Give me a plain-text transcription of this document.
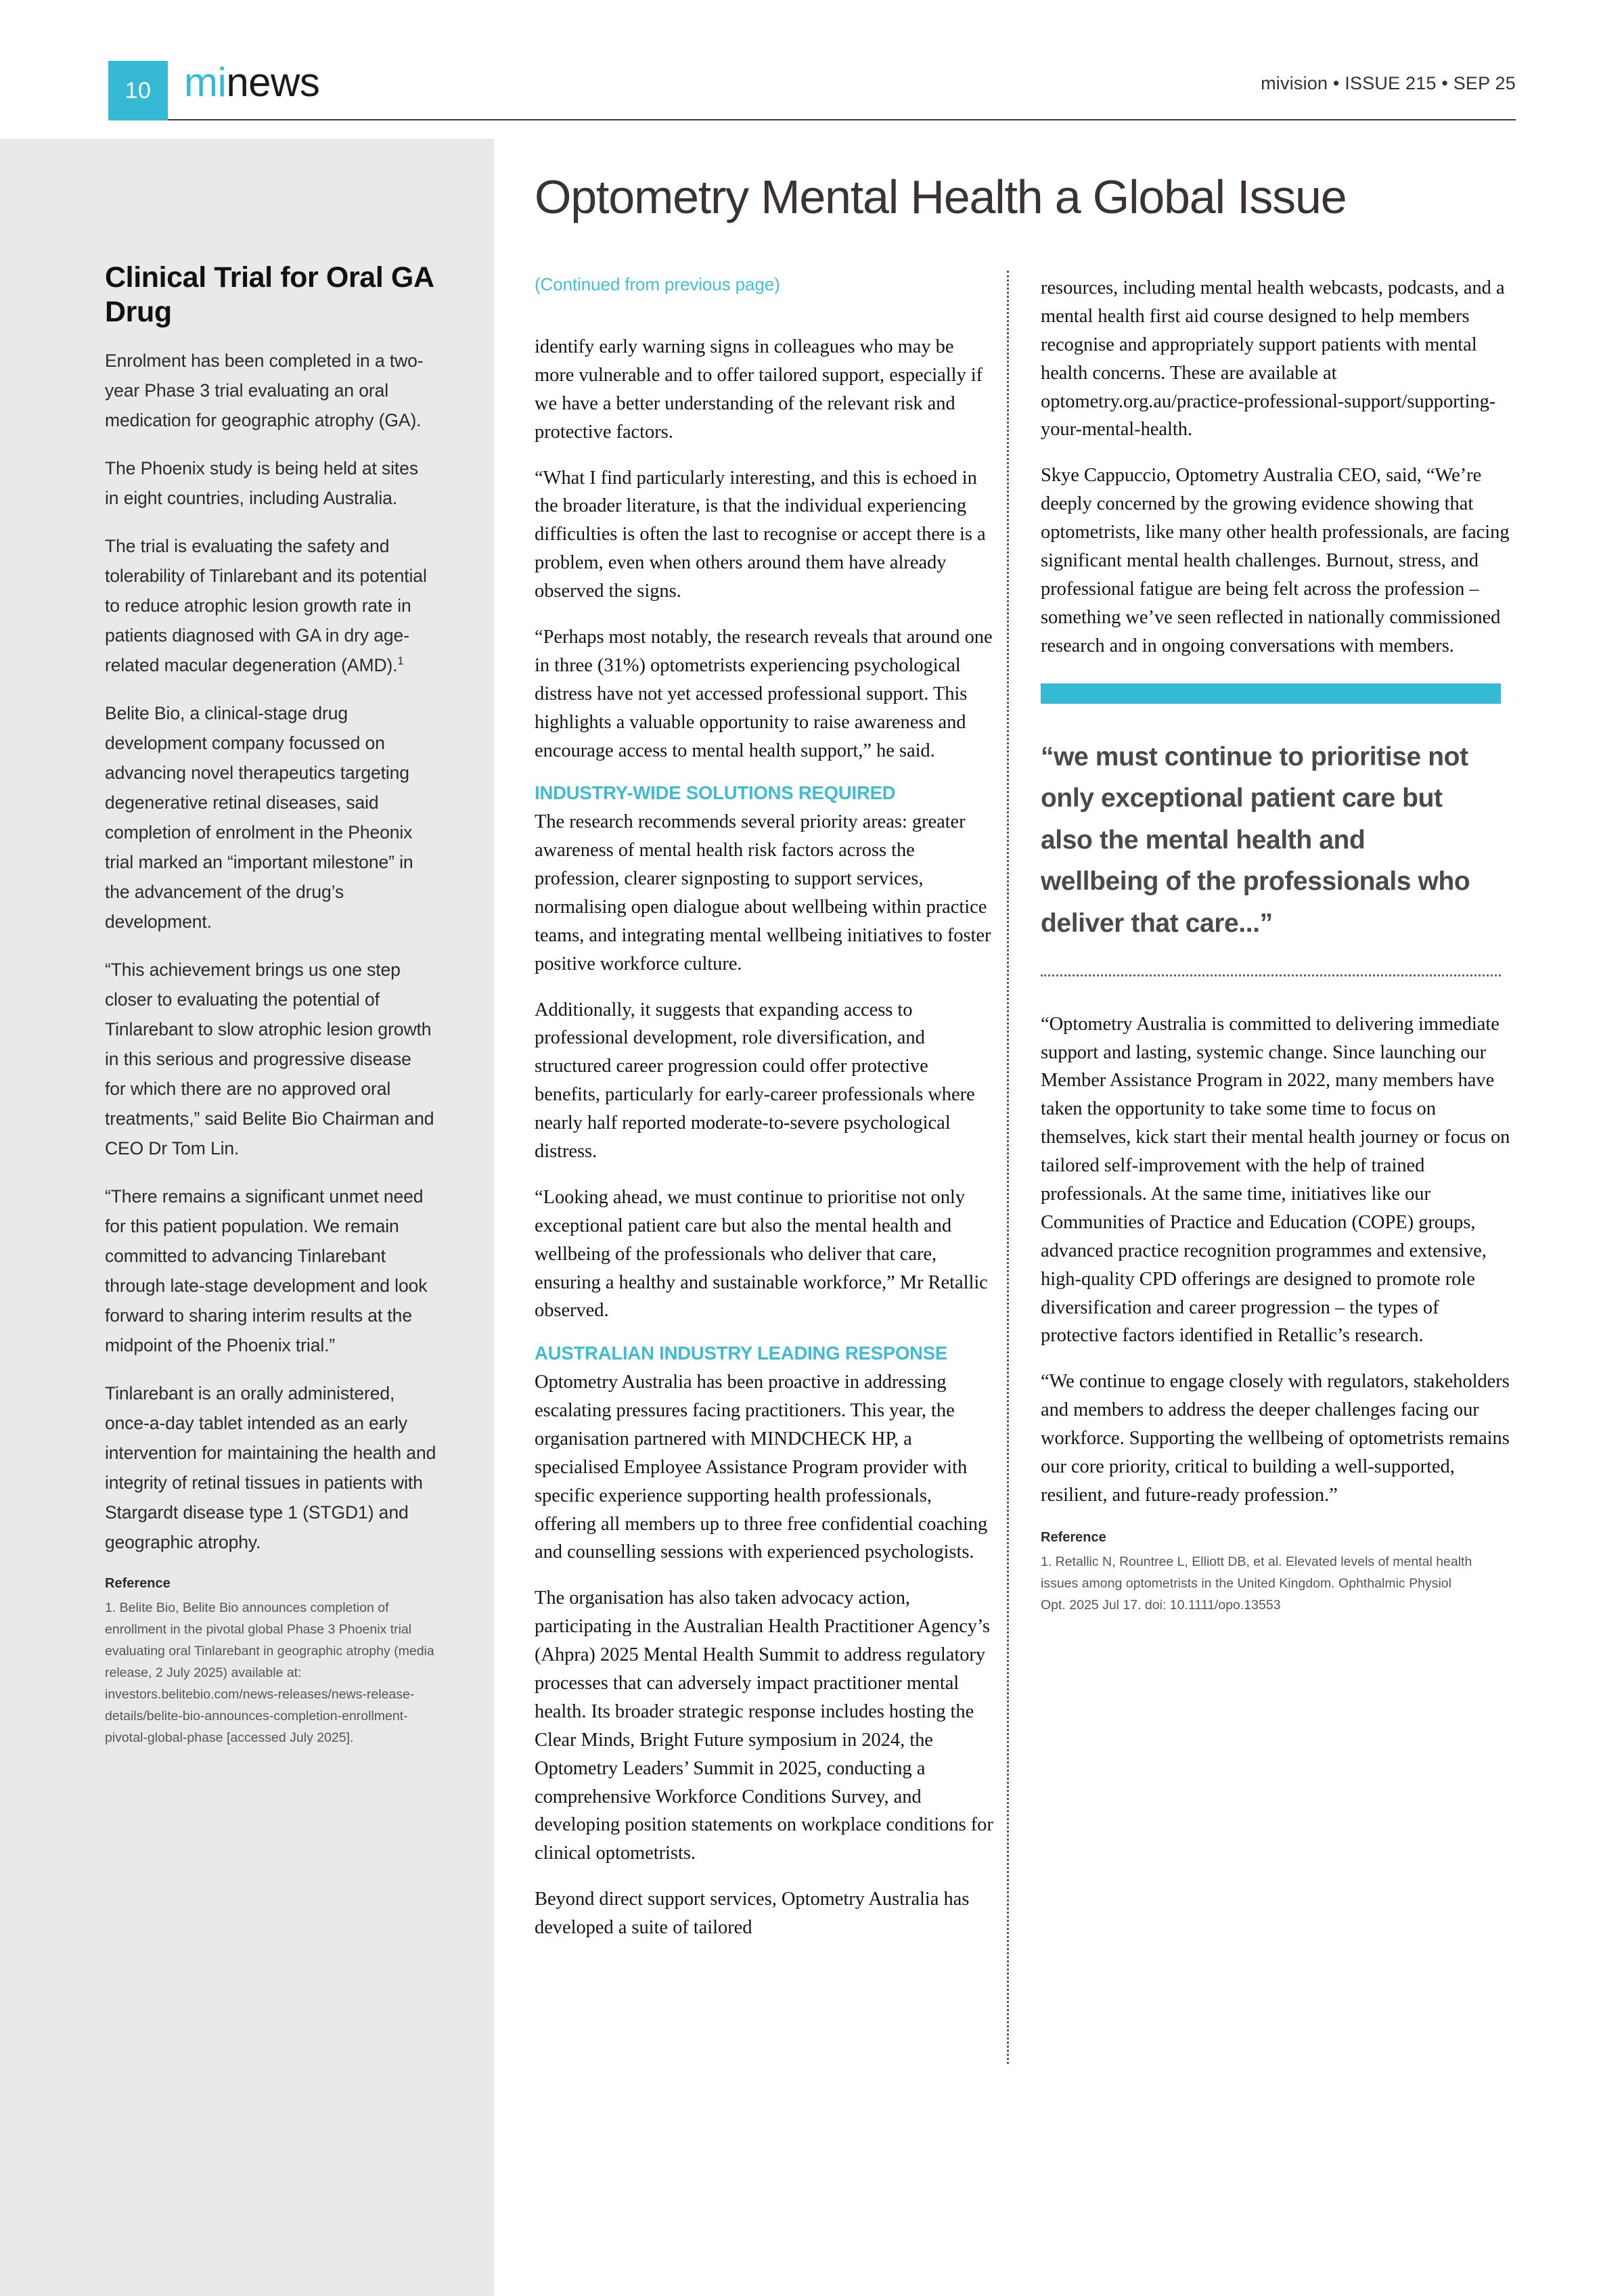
10 minews	mivision • ISSUE 215 • SEP 25
Clinical Trial for Oral GA Drug

Enrolment has been completed in a two-year Phase 3 trial evaluating an oral medication for geographic atrophy (GA).

The Phoenix study is being held at sites in eight countries, including Australia.

The trial is evaluating the safety and tolerability of Tinlarebant and its potential to reduce atrophic lesion growth rate in patients diagnosed with GA in dry age-related macular degeneration (AMD).$^1$

Belite Bio, a clinical-stage drug development company focussed on advancing novel therapeutics targeting degenerative retinal diseases, said completion of enrolment in the Pheonix trial marked an “important milestone” in the advancement of the drug’s development.

“This achievement brings us one step closer to evaluating the potential of Tinlarebant to slow atrophic lesion growth in this serious and progressive disease for which there are no approved oral treatments,” said Belite Bio Chairman and CEO Dr Tom Lin.

“There remains a significant unmet need for this patient population. We remain committed to advancing Tinlarebant through late-stage development and look forward to sharing interim results at the midpoint of the Phoenix trial.”

Tinlarebant is an orally administered, once-a-day tablet intended as an early intervention for maintaining the health and integrity of retinal tissues in patients with Stargardt disease type 1 (STGD1) and geographic atrophy.

Reference
1. Belite Bio, Belite Bio announces completion of enrollment in the pivotal global Phase 3 Phoenix trial evaluating oral Tinlarebant in geographic atrophy (media release, 2 July 2025) available at: investors.belitebio.com/news-releases/news-release-details/belite-bio-announces-completion-enrollment-pivotal-global-phase [accessed July 2025].
Optometry Mental Health a Global Issue

(Continued from previous page)

identify early warning signs in colleagues who may be more vulnerable and to offer tailored support, especially if we have a better understanding of the relevant risk and protective factors.

“What I find particularly interesting, and this is echoed in the broader literature, is that the individual experiencing difficulties is often the last to recognise or accept there is a problem, even when others around them have already observed the signs.

“Perhaps most notably, the research reveals that around one in three (31%) optometrists experiencing psychological distress have not yet accessed professional support. This highlights a valuable opportunity to raise awareness and encourage access to mental health support,” he said.

INDUSTRY-WIDE SOLUTIONS REQUIRED

The research recommends several priority areas: greater awareness of mental health risk factors across the profession, clearer signposting to support services, normalising open dialogue about wellbeing within practice teams, and integrating mental wellbeing initiatives to foster positive workforce culture.

Additionally, it suggests that expanding access to professional development, role diversification, and structured career progression could offer protective benefits, particularly for early-career professionals where nearly half reported moderate-to-severe psychological distress.

“Looking ahead, we must continue to prioritise not only exceptional patient care but also the mental health and wellbeing of the professionals who deliver that care, ensuring a healthy and sustainable workforce,” Mr Retallic observed.

AUSTRALIAN INDUSTRY LEADING RESPONSE

Optometry Australia has been proactive in addressing escalating pressures facing practitioners. This year, the organisation partnered with MINDCHECK HP, a specialised Employee Assistance Program provider with specific experience supporting health professionals, offering all members up to three free confidential coaching and counselling sessions with experienced psychologists.

The organisation has also taken advocacy action, participating in the Australian Health Practitioner Agency’s (Ahpra) 2025 Mental Health Summit to address regulatory processes that can adversely impact practitioner mental health. Its broader strategic response includes hosting the Clear Minds, Bright Future symposium in 2024, the Optometry Leaders’ Summit in 2025, conducting a comprehensive Workforce Conditions Survey, and developing position statements on workplace conditions for clinical optometrists.

Beyond direct support services, Optometry Australia has developed a suite of tailored

resources, including mental health webcasts, podcasts, and a mental health first aid course designed to help members recognise and appropriately support patients with mental health concerns. These are available at optometry.org.au/practice-professional-support/supporting-your-mental-health.

Skye Cappuccio, Optometry Australia CEO, said, “We’re deeply concerned by the growing evidence showing that optometrists, like many other health professionals, are facing significant mental health challenges. Burnout, stress, and professional fatigue are being felt across the profession – something we’ve seen reflected in nationally commissioned research and in ongoing conversations with members.

“we must continue to prioritise not only exceptional patient care but also the mental health and wellbeing of the professionals who deliver that care...”

“Optometry Australia is committed to delivering immediate support and lasting, systemic change. Since launching our Member Assistance Program in 2022, many members have taken the opportunity to take some time to focus on themselves, kick start their mental health journey or focus on tailored self-improvement with the help of trained professionals. At the same time, initiatives like our Communities of Practice and Education (COPE) groups, advanced practice recognition programmes and extensive, high-quality CPD offerings are designed to promote role diversification and career progression – the types of protective factors identified in Retallic’s research.

“We continue to engage closely with regulators, stakeholders and members to address the deeper challenges facing our workforce. Supporting the wellbeing of optometrists remains our core priority, critical to building a well-supported, resilient, and future-ready profession.”

Reference
1. Retallic N, Rountree L, Elliott DB, et al. Elevated levels of mental health issues among optometrists in the United Kingdom. Ophthalmic Physiol Opt. 2025 Jul 17. doi: 10.1111/opo.13553
